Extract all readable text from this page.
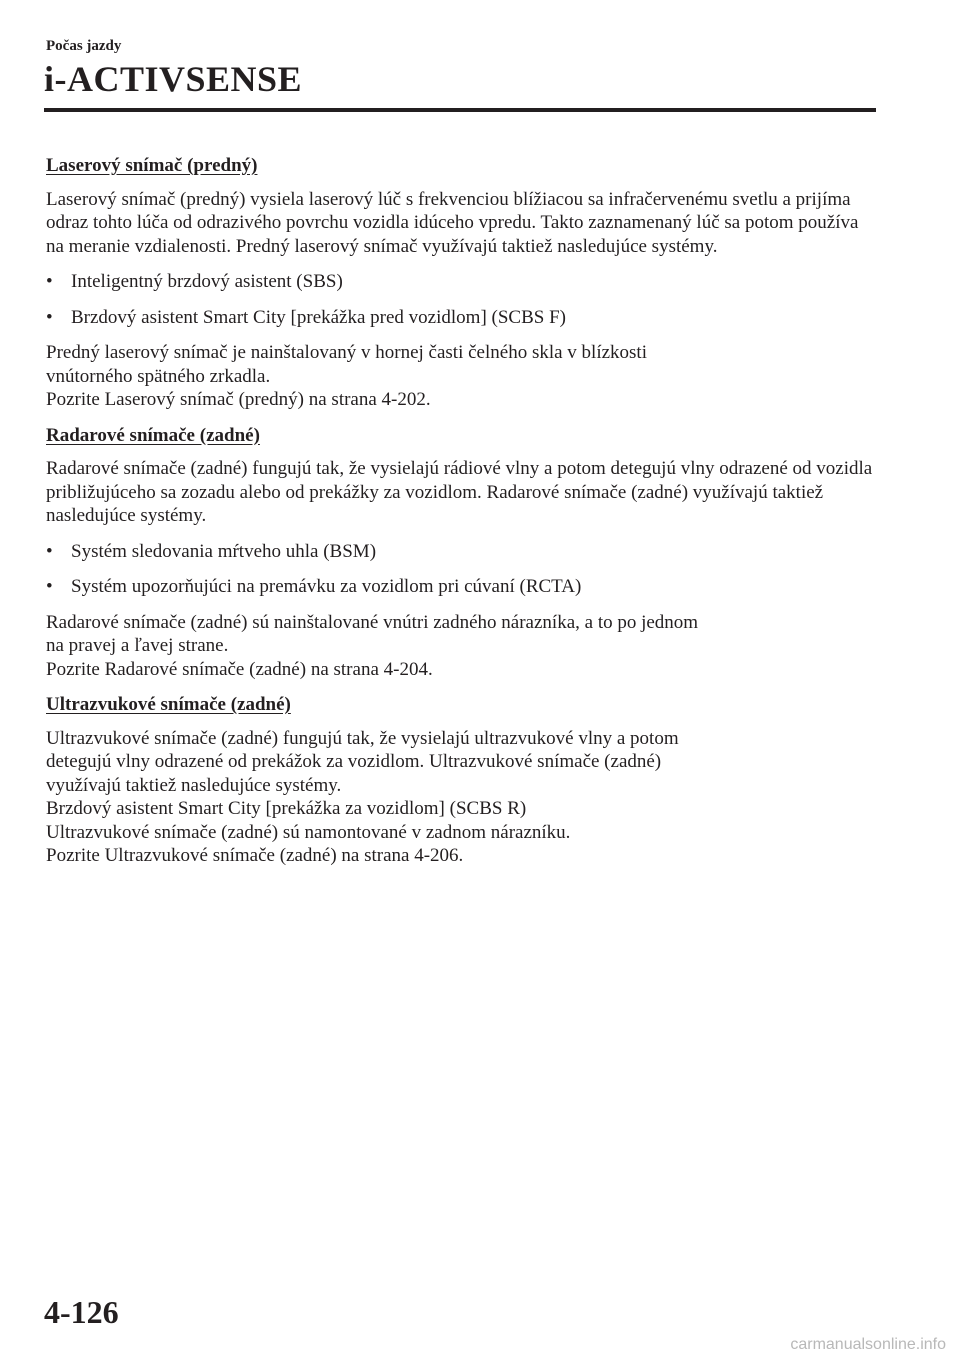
Počas jazdy
i-ACTIVSENSE
Laserový snímač (predný)

Laserový snímač (predný) vysiela laserový lúč s frekvenciou blížiacou sa infračervenému svetlu a prijíma odraz tohto lúča od odrazivého povrchu vozidla idúceho vpredu. Takto zaznamenaný lúč sa potom používa na meranie vzdialenosti. Predný laserový snímač využívajú taktiež nasledujúce systémy.

• Inteligentný brzdový asistent (SBS)
• Brzdový asistent Smart City [prekážka pred vozidlom] (SCBS F)

Predný laserový snímač je nainštalovaný v hornej časti čelného skla v blízkosti
vnútorného spätného zrkadla.
Pozrite Laserový snímač (predný) na strana 4-202.

Radarové snímače (zadné)

Radarové snímače (zadné) fungujú tak, že vysielajú rádiové vlny a potom detegujú vlny odrazené od vozidla približujúceho sa zozadu alebo od prekážky za vozidlom. Radarové snímače (zadné) využívajú taktiež nasledujúce systémy.

• Systém sledovania mŕtveho uhla (BSM)
• Systém upozorňujúci na premávku za vozidlom pri cúvaní (RCTA)

Radarové snímače (zadné) sú nainštalované vnútri zadného nárazníka, a to po jednom
na pravej a ľavej strane.
Pozrite Radarové snímače (zadné) na strana 4-204.

Ultrazvukové snímače (zadné)

Ultrazvukové snímače (zadné) fungujú tak, že vysielajú ultrazvukové vlny a potom
detegujú vlny odrazené od prekážok za vozidlom. Ultrazvukové snímače (zadné)
využívajú taktiež nasledujúce systémy.
Brzdový asistent Smart City [prekážka za vozidlom] (SCBS R)
Ultrazvukové snímače (zadné) sú namontované v zadnom nárazníku.
Pozrite Ultrazvukové snímače (zadné) na strana 4-206.

4-126
carmanualsonline.info
